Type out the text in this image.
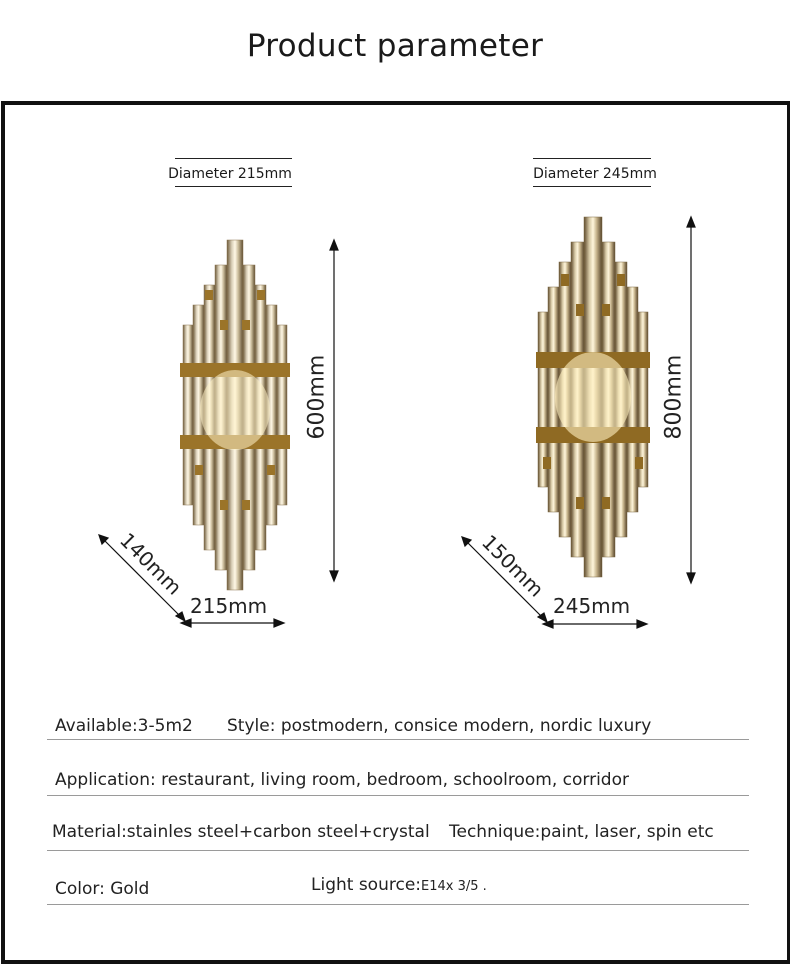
Product parameter
Diameter 215mm	Diameter 245mm
600mm	800mm
140mm	150mm
215mm	245mm
Available:3-5m2 Style: postmodern, consice modern, nordic luxury
Application: restaurant, living room, bedroom, schoolroom, corridor
Material:stainles steel+carbon steel+crystal Technique:paint, laser, spin etc
Color: Gold	Light source:E14x 3/5 .
